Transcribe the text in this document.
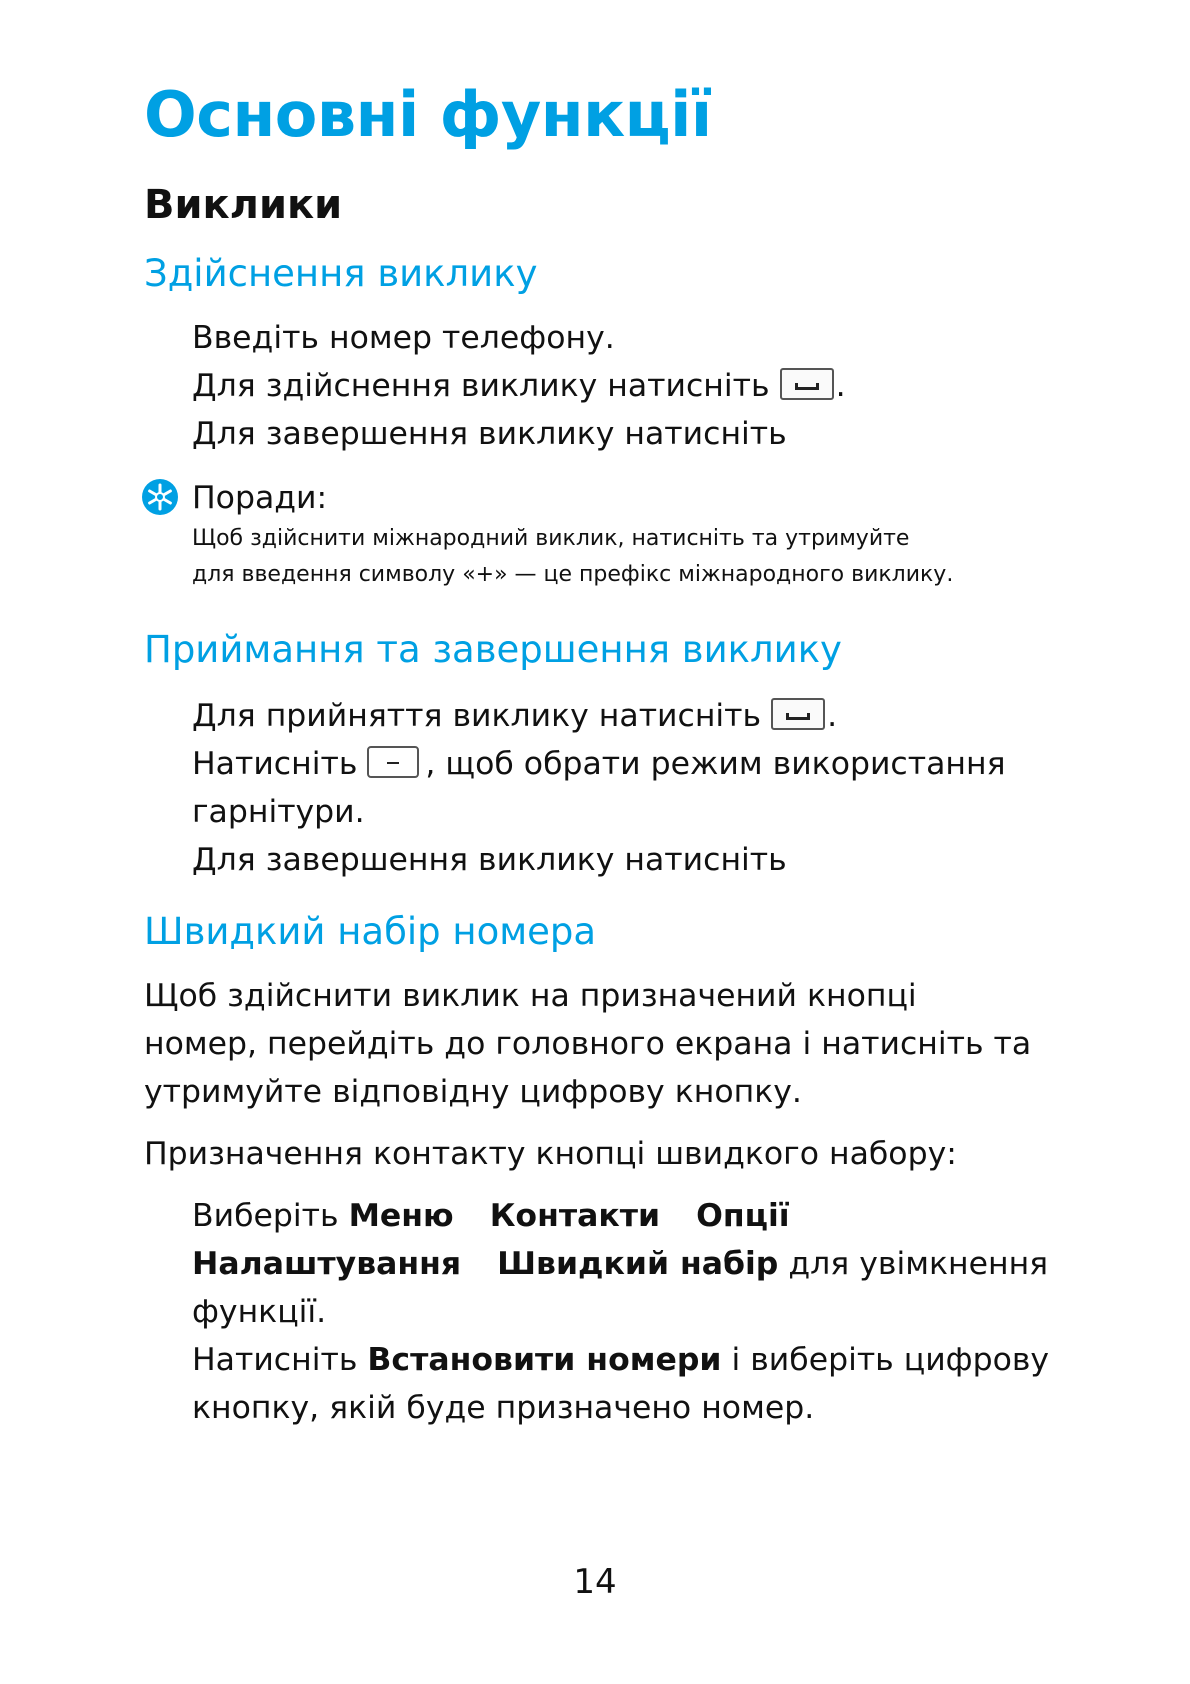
Основні функції
Виклики
Здійснення виклику

Введіть номер телефону.

Для здійснення виклику натисніть .

Для завершення виклику натисніть

Поради:

Щоб здійснити міжнародний виклик, натисніть та утримуйте

для введення символу «+» — це префікс міжнародного виклику.

Приймання та завершення виклику

Для прийняття виклику натисніть .

Натисніть , щоб обрати режим використання

гарнітури.

Для завершення виклику натисніть

Швидкий набір номера

Щоб здійснити виклик на призначений кнопці

номер, перейдіть до головного екрана і натисніть та

утримуйте відповідну цифрову кнопку.

Призначення контакту кнопці швидкого набору:

Виберіть Меню Контакти Опції

Налаштування Швидкий набір для увімкнення

функції.

Натисніть Встановити номери і виберіть цифрову

кнопку, якій буде призначено номер.

14
